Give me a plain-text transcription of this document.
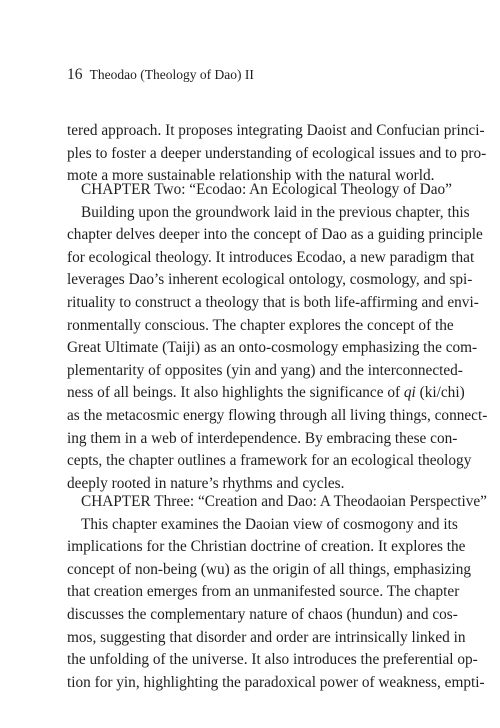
16 Theodao (Theology of Dao) II
tered approach. It proposes integrating Daoist and Confucian princi-
ples to foster a deeper understanding of ecological issues and to pro-
mote a more sustainable relationship with the natural world.
CHAPTER Two: “Ecodao: An Ecological Theology of Dao”
Building upon the groundwork laid in the previous chapter, this
chapter delves deeper into the concept of Dao as a guiding principle
for ecological theology. It introduces Ecodao, a new paradigm that
leverages Dao’s inherent ecological ontology, cosmology, and spi-
rituality to construct a theology that is both life-affirming and envi-
ronmentally conscious. The chapter explores the concept of the
Great Ultimate (Taiji) as an onto-cosmology emphasizing the com-
plementarity of opposites (yin and yang) and the interconnected-
ness of all beings. It also highlights the significance of qi (ki/chi)
as the metacosmic energy flowing through all living things, connect-
ing them in a web of interdependence. By embracing these con-
cepts, the chapter outlines a framework for an ecological theology
deeply rooted in nature’s rhythms and cycles.
CHAPTER Three: “Creation and Dao: A Theodaoian Perspective”
This chapter examines the Daoian view of cosmogony and its
implications for the Christian doctrine of creation. It explores the
concept of non-being (wu) as the origin of all things, emphasizing
that creation emerges from an unmanifested source. The chapter
discusses the complementary nature of chaos (hundun) and cos-
mos, suggesting that disorder and order are intrinsically linked in
the unfolding of the universe. It also introduces the preferential op-
tion for yin, highlighting the paradoxical power of weakness, empti-
